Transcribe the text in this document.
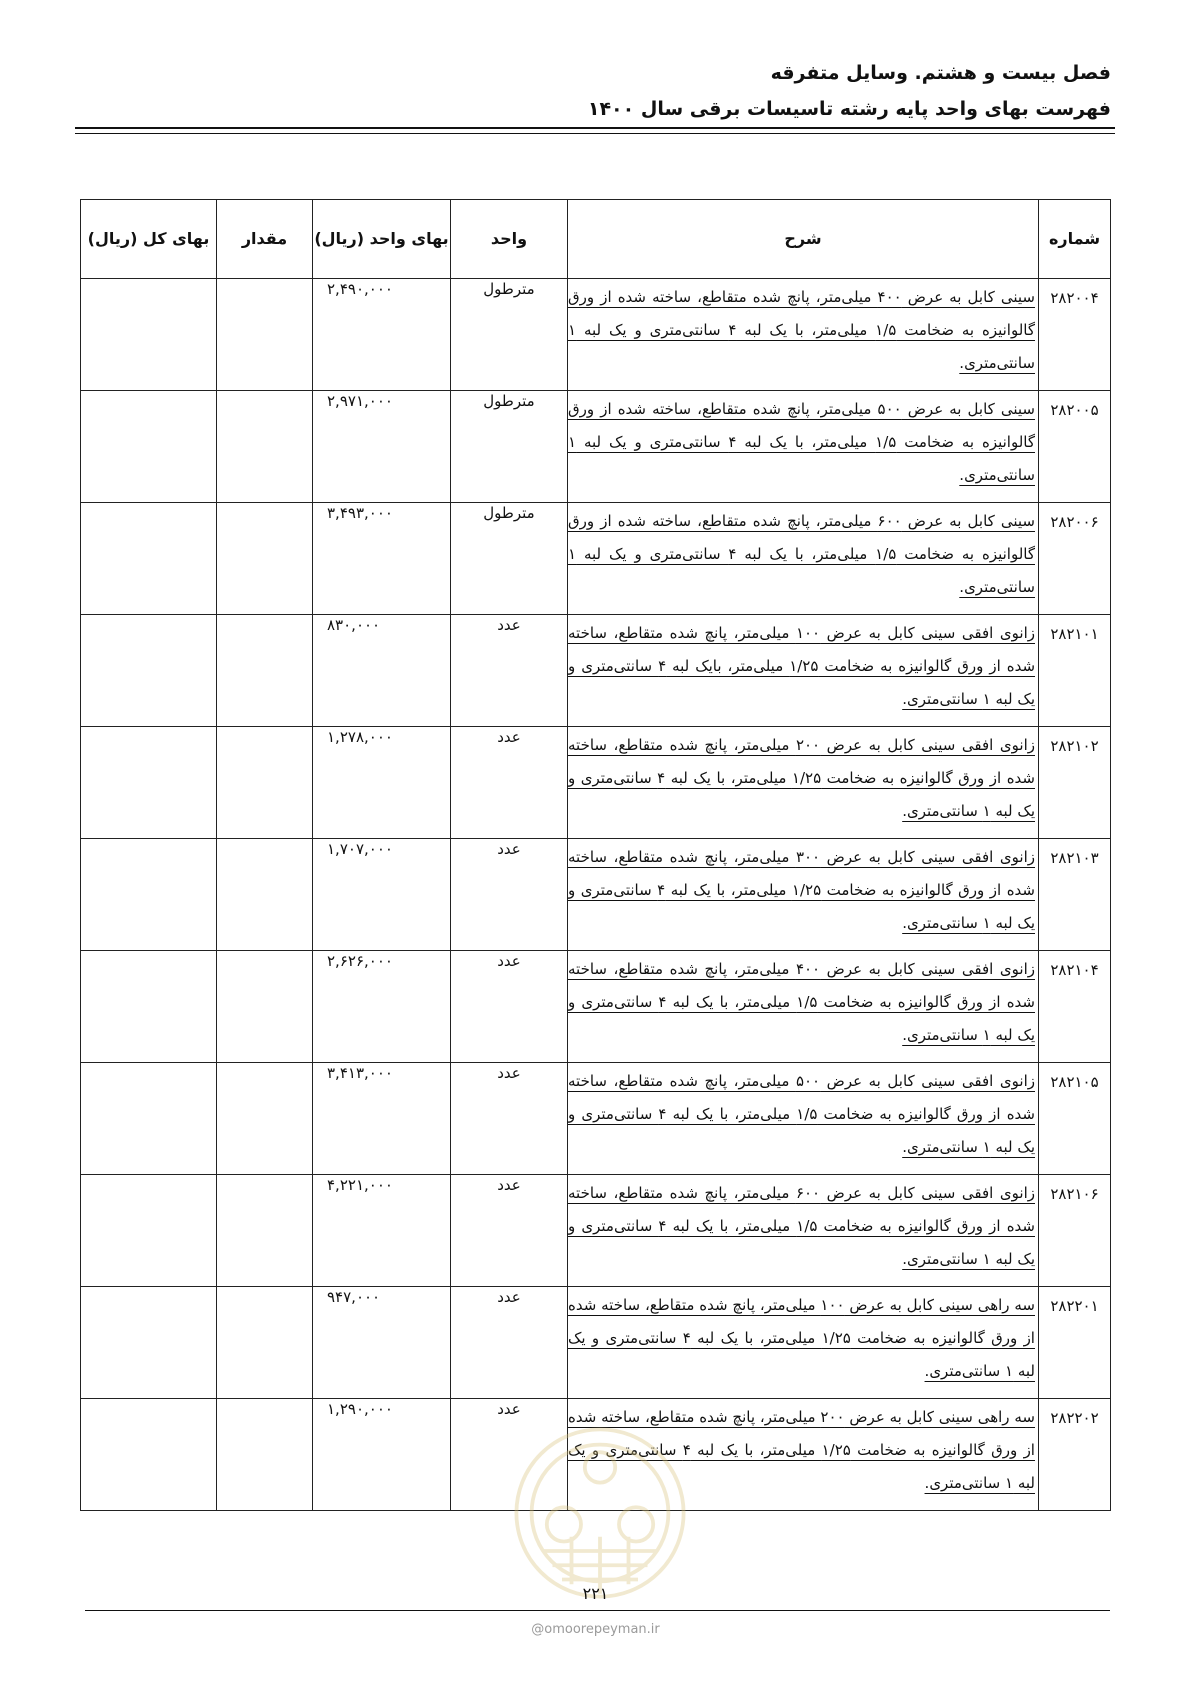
فصل بیست و هشتم. وسایل متفرقه
فهرست بهای واحد پایه رشته تاسیسات برقی سال ۱۴۰۰
شماره	شرح	واحد	بهای واحد (ریال)	مقدار	بهای کل (ریال)
۲۸۲۰۰۴	سینی کابل به عرض ۴۰۰ میلی‌متر، پانچ شده متقاطع، ساخته شده از ورق گالوانیزه به ضخامت ۱/۵ میلی‌متر، با یک لبه ۴ سانتی‌متری و یک لبه ۱ سانتی‌متری.	مترطول	۲,۴۹۰,۰۰۰		
۲۸۲۰۰۵	سینی کابل به عرض ۵۰۰ میلی‌متر، پانچ شده متقاطع، ساخته شده از ورق گالوانیزه به ضخامت ۱/۵ میلی‌متر، با یک لبه ۴ سانتی‌متری و یک لبه ۱ سانتی‌متری.	مترطول	۲,۹۷۱,۰۰۰		
۲۸۲۰۰۶	سینی کابل به عرض ۶۰۰ میلی‌متر، پانچ شده متقاطع، ساخته شده از ورق گالوانیزه به ضخامت ۱/۵ میلی‌متر، با یک لبه ۴ سانتی‌متری و یک لبه ۱ سانتی‌متری.	مترطول	۳,۴۹۳,۰۰۰		
۲۸۲۱۰۱	زانوی افقی سینی کابل به عرض ۱۰۰ میلی‌متر، پانچ شده متقاطع، ساخته شده از ورق گالوانیزه به ضخامت ۱/۲۵ میلی‌متر، بایک لبه ۴ سانتی‌متری و یک لبه ۱ سانتی‌متری.	عدد	۸۳۰,۰۰۰		
۲۸۲۱۰۲	زانوی افقی سینی کابل به عرض ۲۰۰ میلی‌متر، پانچ شده متقاطع، ساخته شده از ورق گالوانیزه به ضخامت ۱/۲۵ میلی‌متر، با یک لبه ۴ سانتی‌متری و یک لبه ۱ سانتی‌متری.	عدد	۱,۲۷۸,۰۰۰		
۲۸۲۱۰۳	زانوی افقی سینی کابل به عرض ۳۰۰ میلی‌متر، پانچ شده متقاطع، ساخته شده از ورق گالوانیزه به ضخامت ۱/۲۵ میلی‌متر، با یک لبه ۴ سانتی‌متری و یک لبه ۱ سانتی‌متری.	عدد	۱,۷۰۷,۰۰۰		
۲۸۲۱۰۴	زانوی افقی سینی کابل به عرض ۴۰۰ میلی‌متر، پانچ شده متقاطع، ساخته شده از ورق گالوانیزه به ضخامت ۱/۵ میلی‌متر، با یک لبه ۴ سانتی‌متری و یک لبه ۱ سانتی‌متری.	عدد	۲,۶۲۶,۰۰۰		
۲۸۲۱۰۵	زانوی افقی سینی کابل به عرض ۵۰۰ میلی‌متر، پانچ شده متقاطع، ساخته شده از ورق گالوانیزه به ضخامت ۱/۵ میلی‌متر، با یک لبه ۴ سانتی‌متری و یک لبه ۱ سانتی‌متری.	عدد	۳,۴۱۳,۰۰۰		
۲۸۲۱۰۶	زانوی افقی سینی کابل به عرض ۶۰۰ میلی‌متر، پانچ شده متقاطع، ساخته شده از ورق گالوانیزه به ضخامت ۱/۵ میلی‌متر، با یک لبه ۴ سانتی‌متری و یک لبه ۱ سانتی‌متری.	عدد	۴,۲۲۱,۰۰۰		
۲۸۲۲۰۱	سه راهی سینی کابل به عرض ۱۰۰ میلی‌متر، پانچ شده متقاطع، ساخته شده از ورق گالوانیزه به ضخامت ۱/۲۵ میلی‌متر، با یک لبه ۴ سانتی‌متری و یک لبه ۱ سانتی‌متری.	عدد	۹۴۷,۰۰۰		
۲۸۲۲۰۲	سه راهی سینی کابل به عرض ۲۰۰ میلی‌متر، پانچ شده متقاطع، ساخته شده از ورق گالوانیزه به ضخامت ۱/۲۵ میلی‌متر، با یک لبه ۴ سانتی‌متری و یک لبه ۱ سانتی‌متری.	عدد	۱,۲۹۰,۰۰۰		
۲۲۱
@omoorepeyman.ir
